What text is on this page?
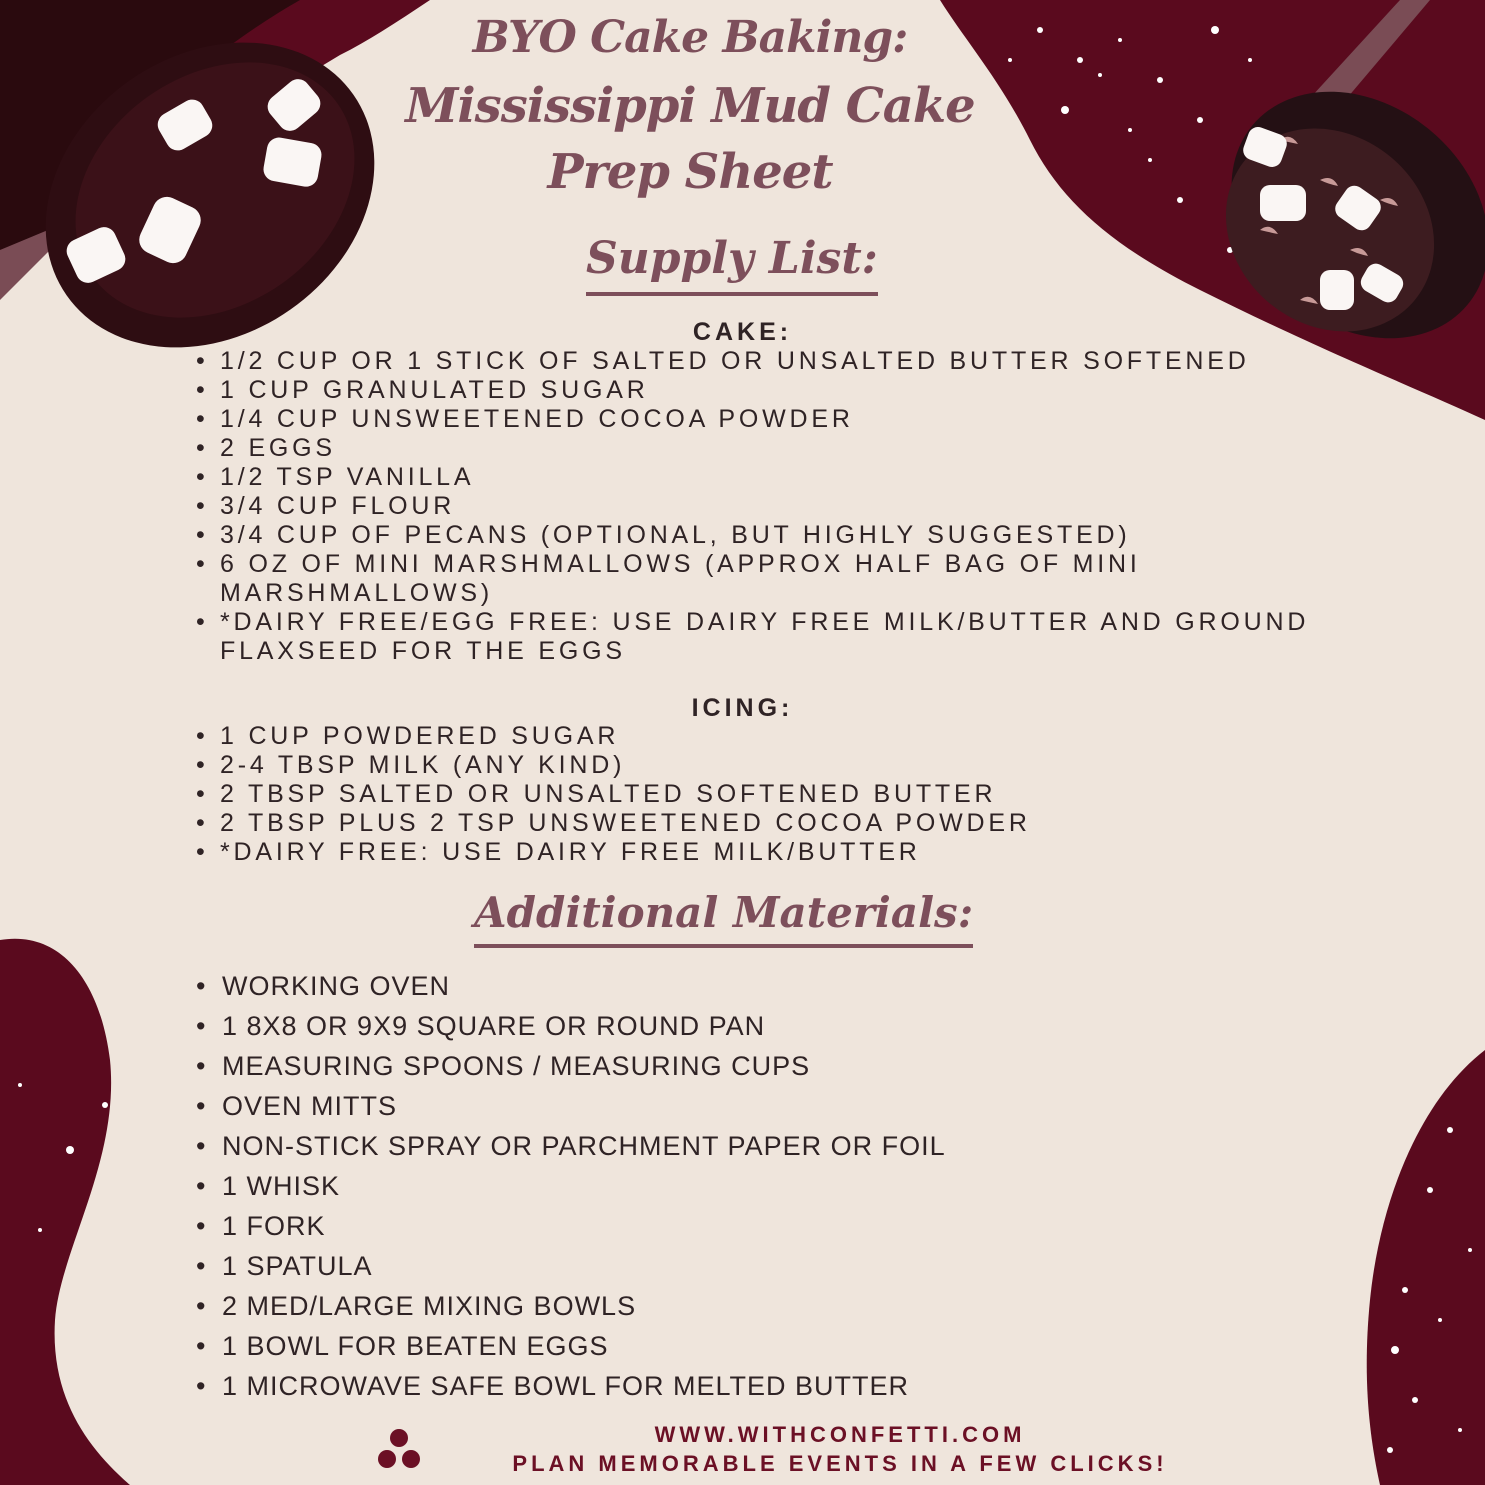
BYO Cake Baking:
Mississippi Mud Cake
Prep Sheet
Supply List:
CAKE:
• 1/2 CUP OR 1 STICK OF SALTED OR UNSALTED BUTTER SOFTENED
• 1 CUP GRANULATED SUGAR
• 1/4 CUP UNSWEETENED COCOA POWDER
• 2 EGGS
• 1/2 TSP VANILLA
• 3/4 CUP FLOUR
• 3/4 CUP OF PECANS (OPTIONAL, BUT HIGHLY SUGGESTED)
• 6 OZ OF MINI MARSHMALLOWS (APPROX HALF BAG OF MINI MARSHMALLOWS)
• *DAIRY FREE/EGG FREE: USE DAIRY FREE MILK/BUTTER AND GROUND FLAXSEED FOR THE EGGS
ICING:
• 1 CUP POWDERED SUGAR
• 2-4 TBSP MILK (ANY KIND)
• 2 TBSP SALTED OR UNSALTED SOFTENED BUTTER
• 2 TBSP PLUS 2 TSP UNSWEETENED COCOA POWDER
• *DAIRY FREE: USE DAIRY FREE MILK/BUTTER
Additional Materials:
• WORKING OVEN
• 1 8X8 OR 9X9 SQUARE OR ROUND PAN
• MEASURING SPOONS / MEASURING CUPS
• OVEN MITTS
• NON-STICK SPRAY OR PARCHMENT PAPER OR FOIL
• 1 WHISK
• 1 FORK
• 1 SPATULA
• 2 MED/LARGE MIXING BOWLS
• 1 BOWL FOR BEATEN EGGS
• 1 MICROWAVE SAFE BOWL FOR MELTED BUTTER
WWW.WITHCONFETTI.COM
PLAN MEMORABLE EVENTS IN A FEW CLICKS!
